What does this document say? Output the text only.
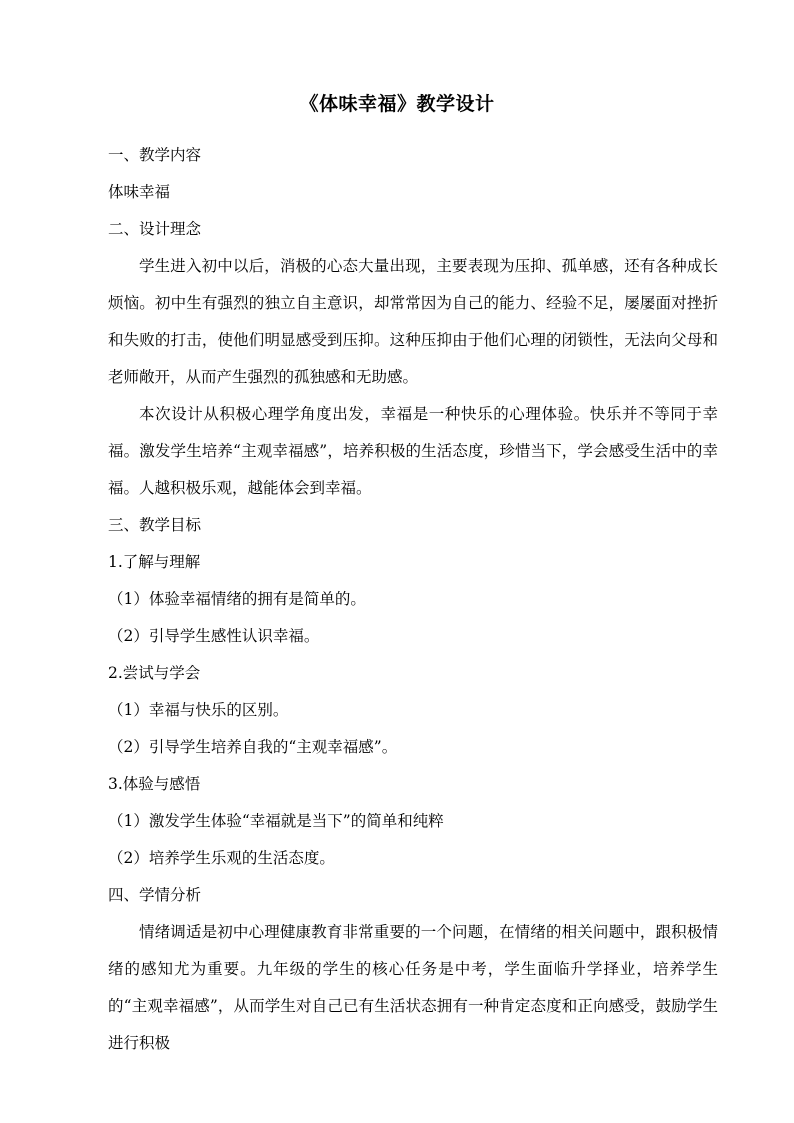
《体味幸福》教学设计
一、教学内容
体味幸福
二、设计理念
学生进入初中以后，消极的心态大量出现，主要表现为压抑、孤单感，还有各种成长烦恼。初中生有强烈的独立自主意识，却常常因为自己的能力、经验不足，屡屡面对挫折和失败的打击，使他们明显感受到压抑。这种压抑由于他们心理的闭锁性，无法向父母和老师敞开，从而产生强烈的孤独感和无助感。
本次设计从积极心理学角度出发，幸福是一种快乐的心理体验。快乐并不等同于幸福。激发学生培养“主观幸福感”，培养积极的生活态度，珍惜当下，学会感受生活中的幸福。人越积极乐观，越能体会到幸福。
三、教学目标
1.了解与理解
（1）体验幸福情绪的拥有是简单的。
（2）引导学生感性认识幸福。
2.尝试与学会
（1）幸福与快乐的区别。
（2）引导学生培养自我的“主观幸福感”。
3.体验与感悟
（1）激发学生体验“幸福就是当下”的简单和纯粹
（2）培养学生乐观的生活态度。
四、学情分析
情绪调适是初中心理健康教育非常重要的一个问题，在情绪的相关问题中，跟积极情绪的感知尤为重要。九年级的学生的核心任务是中考，学生面临升学择业，培养学生的“主观幸福感”，从而学生对自己已有生活状态拥有一种肯定态度和正向感受，鼓励学生进行积极
